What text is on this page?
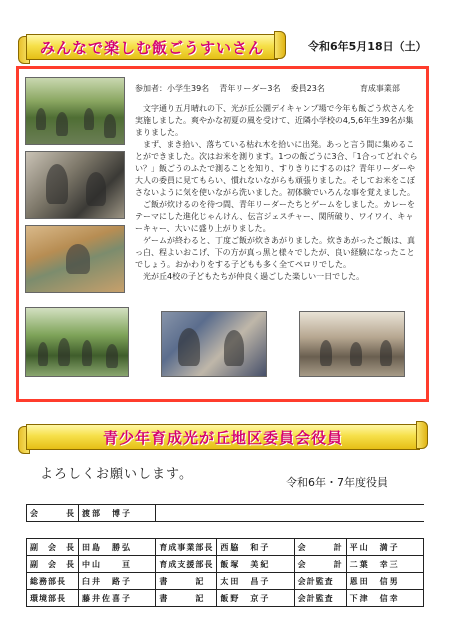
みんなで楽しむ飯ごうすいさん	令和6年5月18日（土）
参加者：小学生39名 青年リーダー3名 委員23名	育成事業部

　文字通り五月晴れの下、光が丘公園デイキャンプ場で今年も飯ごう炊さんを実施しました。爽やかな初夏の風を受けて、近隣小学校の4,5,6年生39名が集まりました。

　まず、まき拾い、落ちている枯れ木を拾いに出発。あっと言う間に集めることができました。次はお米を測ります。1つの飯ごうに3合、「1合ってどれぐらい？」飯ごうのふたで測ることを知り、すりきりにするのは？青年リーダーや大人の委員に見てもらい、慣れないながらも頑張りました。そしてお米をこぼさないように気を使いながら洗いました。初体験でいろんな事を覚えました。

　ご飯が炊けるのを待つ間、青年リーダーたちとゲームをしました。カレーをテーマにした進化じゃんけん、伝言ジェスチャー、関所破り、ワイワイ、キャーキャー、大いに盛り上がりました。

　ゲームが終わると、丁度ご飯が炊きあがりました。炊きあがったご飯は、真っ白、程よいおこげ、下の方が真っ黒と様々でしたが、良い経験になったことでしょう。おかわりをする子どもも多く全てペロリでした。

　光が丘4校の子どもたちが仲良く過ごした楽しい一日でした。

青少年育成光が丘地区委員会役員
よろしくお願いします。
令和6年・7年度役員
会　　　長	渡部　博子				

副　会　長	田島　勝弘	育成事業部長	西脇　和子	会　　　計	平山　満子
副　会　長	中山　　亘	育成支援部長	飯塚　美紀	会　　　計	二葉　幸三
総務部長	臼井　路子	書　　　記	太田　昌子	会計監査	恩田　信男
環境部長	藤井佐喜子	書　　　記	飯野　京子	会計監査	下津　信幸
